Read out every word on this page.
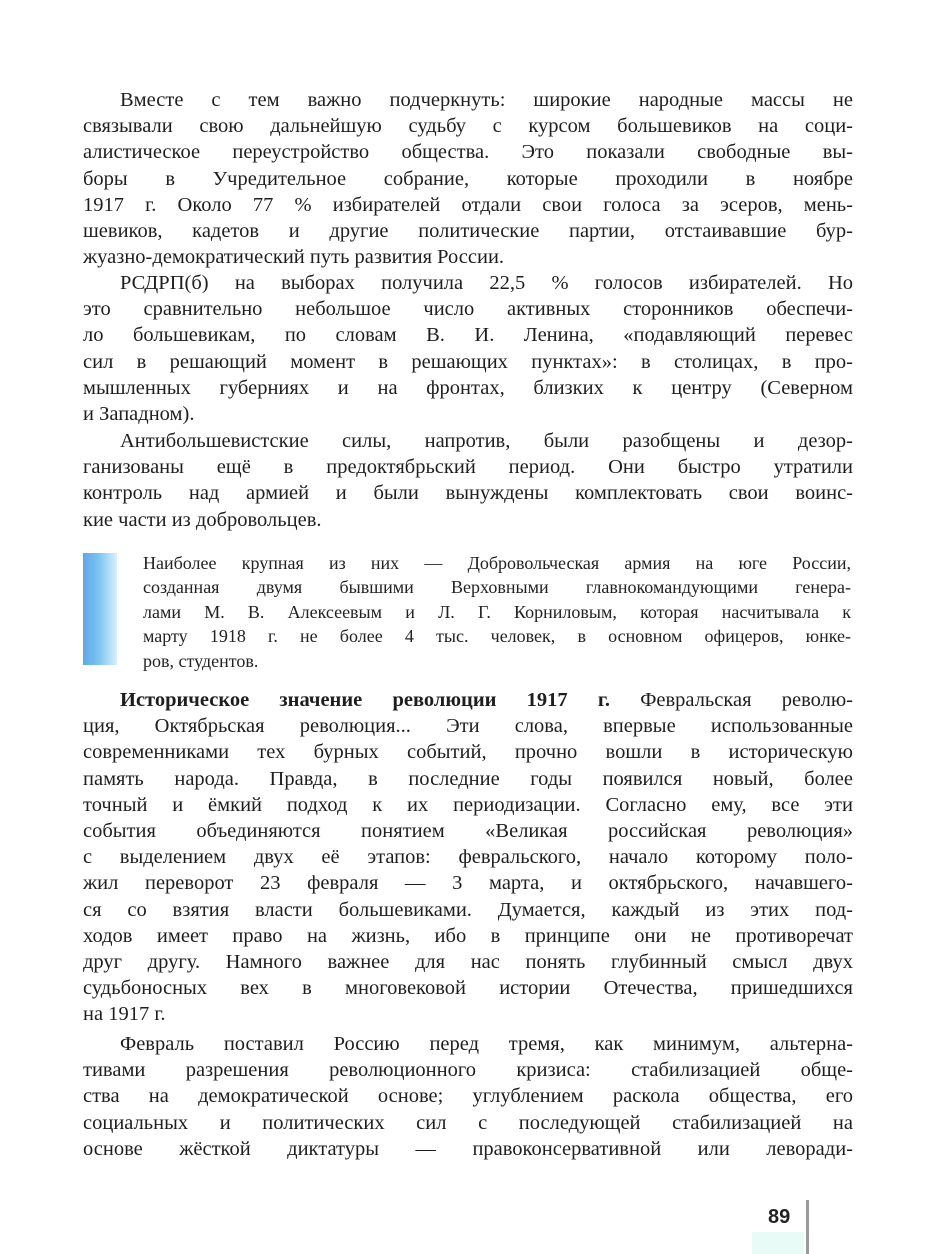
Вместе с тем важно подчеркнуть: широкие народные массы не
связывали свою дальнейшую судьбу с курсом большевиков на соци-
алистическое переустройство общества. Это показали свободные вы-
боры в Учредительное собрание, которые проходили в ноябре
1917 г. Около 77 % избирателей отдали свои голоса за эсеров, мень-
шевиков, кадетов и другие политические партии, отстаивавшие бур-
жуазно-демократический путь развития России.
РСДРП(б) на выборах получила 22,5 % голосов избирателей. Но
это сравнительно небольшое число активных сторонников обеспечи-
ло большевикам, по словам В. И. Ленина, «подавляющий перевес
сил в решающий момент в решающих пунктах»: в столицах, в про-
мышленных губерниях и на фронтах, близких к центру (Северном
и Западном).
Антибольшевистские силы, напротив, были разобщены и дезор-
ганизованы ещё в предоктябрьский период. Они быстро утратили
контроль над армией и были вынуждены комплектовать свои воинс-
кие части из добровольцев.
Наиболее крупная из них — Добровольческая армия на юге России,
созданная двумя бывшими Верховными главнокомандующими генера-
лами М. В. Алексеевым и Л. Г. Корниловым, которая насчитывала к
марту 1918 г. не более 4 тыс. человек, в основном офицеров, юнке-
ров, студентов.
Историческое значение революции 1917 г. Февральская револю-
ция, Октябрьская революция... Эти слова, впервые использованные
современниками тех бурных событий, прочно вошли в историческую
память народа. Правда, в последние годы появился новый, более
точный и ёмкий подход к их периодизации. Согласно ему, все эти
события объединяются понятием «Великая российская революция»
с выделением двух её этапов: февральского, начало которому поло-
жил переворот 23 февраля — 3 марта, и октябрьского, начавшего-
ся со взятия власти большевиками. Думается, каждый из этих под-
ходов имеет право на жизнь, ибо в принципе они не противоречат
друг другу. Намного важнее для нас понять глубинный смысл двух
судьбоносных вех в многовековой истории Отечества, пришедшихся
на 1917 г.
Февраль поставил Россию перед тремя, как минимум, альтерна-
тивами разрешения революционного кризиса: стабилизацией обще-
ства на демократической основе; углублением раскола общества, его
социальных и политических сил с последующей стабилизацией на
основе жёсткой диктатуры — правоконсервативной или леворади-
89
